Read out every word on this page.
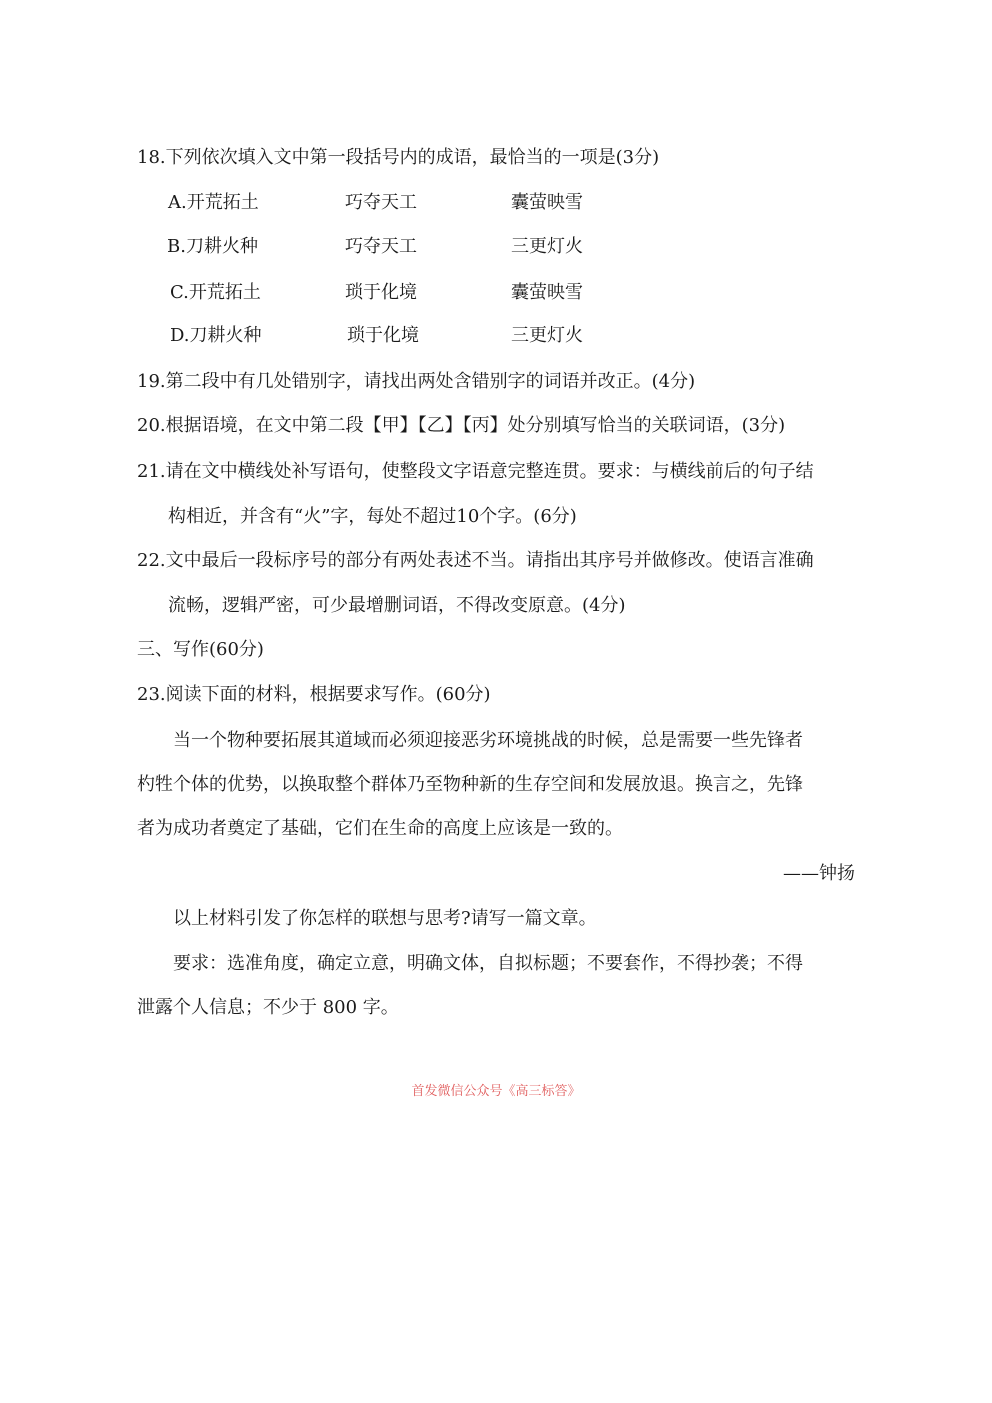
18.下列依次填入文中第一段括号内的成语，最恰当的一项是(3分)
A.开荒拓土	巧夺天工	囊萤映雪
B.刀耕火种	巧夺天工	三更灯火
C.开荒拓土	琐于化境	囊萤映雪
D.刀耕火种	琐于化境	三更灯火
19.第二段中有几处错别字，请找出两处含错别字的词语并改正。(4分)
20.根据语境，在文中第二段【甲】【乙】【丙】处分别填写恰当的关联词语，(3分)
21.请在文中横线处补写语句，使整段文字语意完整连贯。要求：与横线前后的句子结
构相近，并含有“火”字，每处不超过10个字。(6分)
22.文中最后一段标序号的部分有两处表述不当。请指出其序号并做修改。使语言准确
流畅，逻辑严密，可少最增删词语，不得改变原意。(4分)
三、写作(60分)
23.阅读下面的材料，根据要求写作。(60分)
当一个物种要拓展其道域而必须迎接恶劣环境挑战的时候，总是需要一些先锋者
杓牲个体的优势，以换取整个群体乃至物种新的生存空间和发展放退。换言之，先锋
者为成功者奠定了基础，它们在生命的高度上应该是一致的。
——钟扬
以上材料引发了你怎样的联想与思考?请写一篇文章。
要求：选准角度，确定立意，明确文体，自拟标题；不要套作，不得抄袭；不得
泄露个人信息；不少于 800 字。
首发微信公众号《高三标答》
